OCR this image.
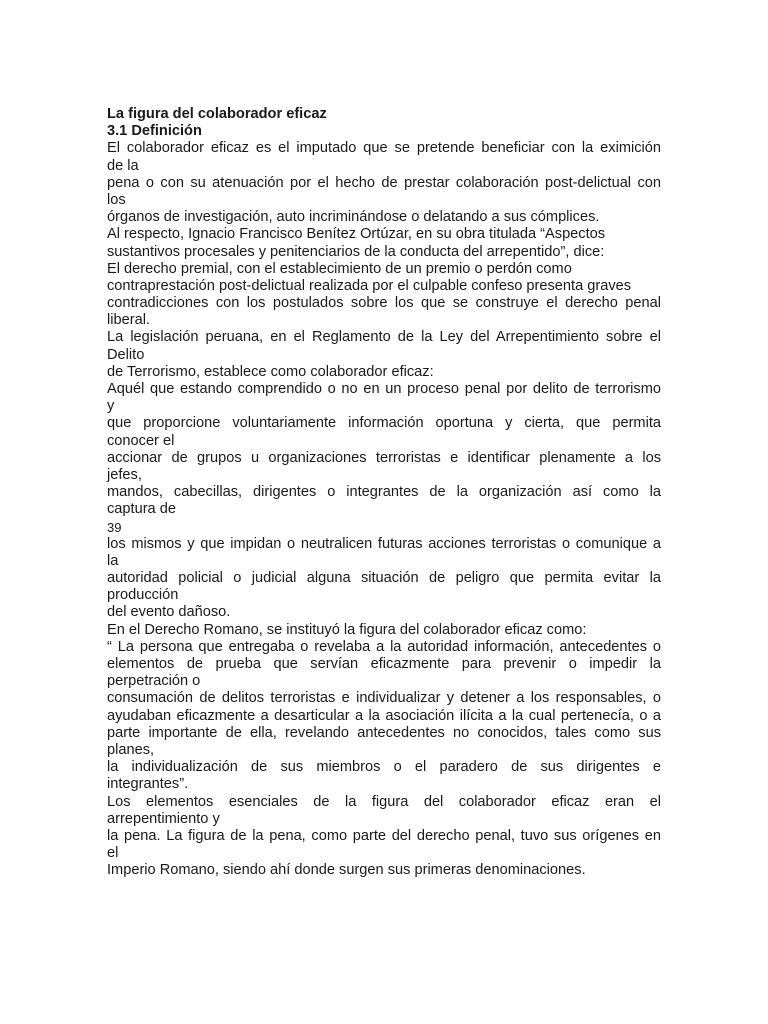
La figura del colaborador eficaz
3.1 Definición
El colaborador eficaz es el imputado que se pretende beneficiar con la eximición
de la
pena o con su atenuación por el hecho de prestar colaboración post-delictual con
los
órganos de investigación, auto incriminándose o delatando a sus cómplices.
Al respecto, Ignacio Francisco Benítez Ortúzar, en su obra titulada “Aspectos
sustantivos procesales y penitenciarios de la conducta del arrepentido”, dice:
El derecho premial, con el establecimiento de un premio o perdón como
contraprestación post-delictual realizada por el culpable confeso presenta graves
contradicciones con los postulados sobre los que se construye el derecho penal
liberal.
La legislación peruana, en el Reglamento de la Ley del Arrepentimiento sobre el
Delito
de Terrorismo, establece como colaborador eficaz:
Aquél que estando comprendido o no en un proceso penal por delito de terrorismo
y
que proporcione voluntariamente información oportuna y cierta, que permita
conocer el
accionar de grupos u organizaciones terroristas e identificar plenamente a los
jefes,
mandos, cabecillas, dirigentes o integrantes de la organización así como la
captura de
39
los mismos y que impidan o neutralicen futuras acciones terroristas o comunique a
la
autoridad policial o judicial alguna situación de peligro que permita evitar la
producción
del evento dañoso.
En el Derecho Romano, se instituyó la figura del colaborador eficaz como:
“ La persona que entregaba o revelaba a la autoridad información, antecedentes o
elementos de prueba que servían eficazmente para prevenir o impedir la
perpetración o
consumación de delitos terroristas e individualizar y detener a los responsables, o
ayudaban eficazmente a desarticular a la asociación ilícita a la cual pertenecía, o a
parte importante de ella, revelando antecedentes no conocidos, tales como sus
planes,
la individualización de sus miembros o el paradero de sus dirigentes e
integrantes”.
Los elementos esenciales de la figura del colaborador eficaz eran el
arrepentimiento y
la pena. La figura de la pena, como parte del derecho penal, tuvo sus orígenes en
el
Imperio Romano, siendo ahí donde surgen sus primeras denominaciones.
